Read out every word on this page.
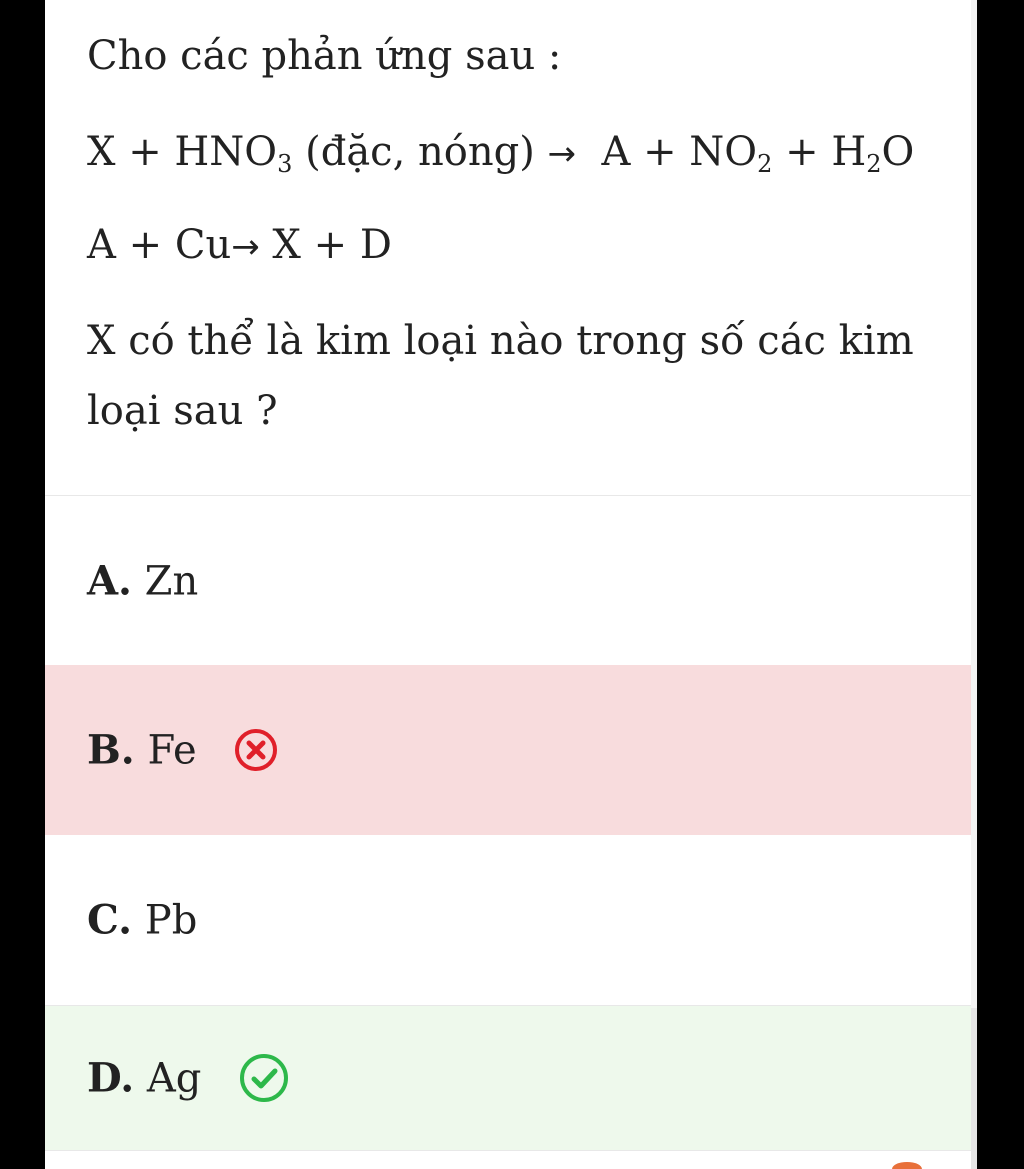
Cho các phản ứng sau :
$X + HNO_3$ (đặc, nóng) → $A + NO_2 + H_2O$
A + Cu→ X + D
X có thể là kim loại nào trong số các kim loại sau ?
A. Zn
B. Fe
C. Pb
D. Ag
